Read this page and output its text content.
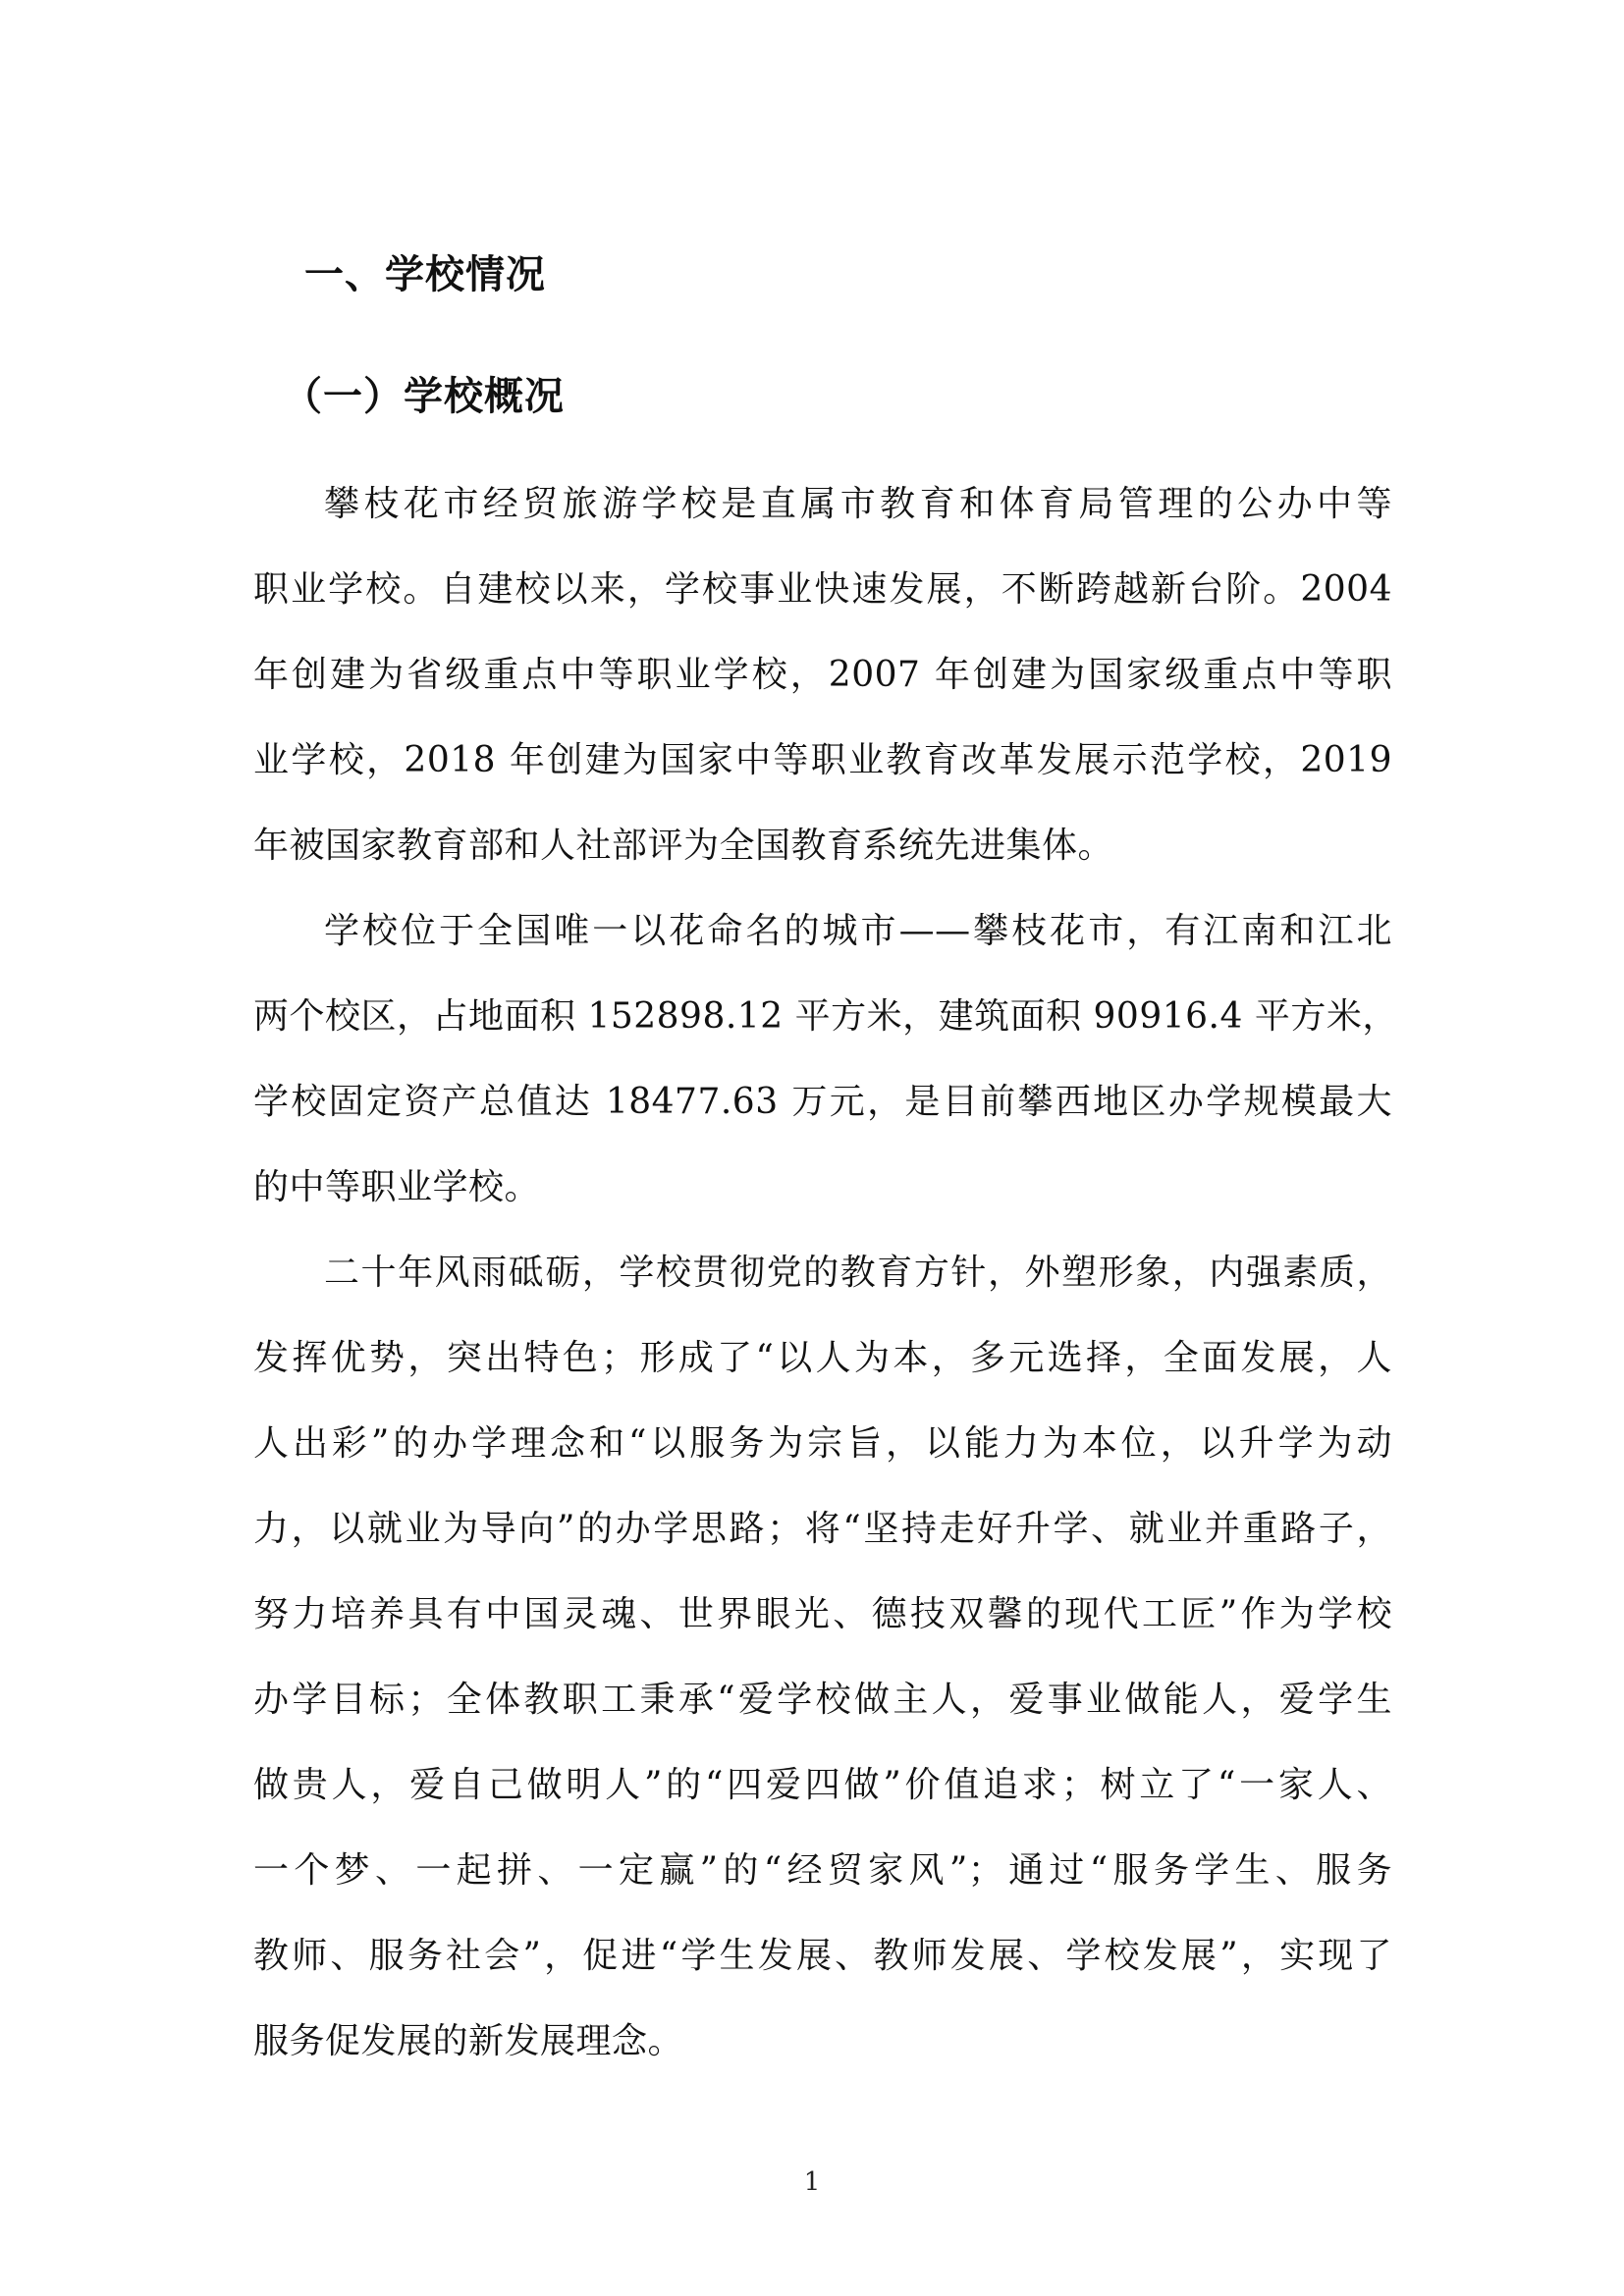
一、学校情况
（一）学校概况
攀枝花市经贸旅游学校是直属市教育和体育局管理的公办中等
职业学校。自建校以来，学校事业快速发展，不断跨越新台阶。2004
年创建为省级重点中等职业学校，2007 年创建为国家级重点中等职
业学校，2018 年创建为国家中等职业教育改革发展示范学校，2019
年被国家教育部和人社部评为全国教育系统先进集体。
学校位于全国唯一以花命名的城市——攀枝花市，有江南和江北
两个校区，占地面积 152898.12 平方米，建筑面积 90916.4 平方米，
学校固定资产总值达 18477.63 万元，是目前攀西地区办学规模最大
的中等职业学校。
二十年风雨砥砺，学校贯彻党的教育方针，外塑形象，内强素质，
发挥优势，突出特色；形成了“以人为本，多元选择，全面发展，人
人出彩”的办学理念和“以服务为宗旨，以能力为本位，以升学为动
力，以就业为导向”的办学思路；将“坚持走好升学、就业并重路子，
努力培养具有中国灵魂、世界眼光、德技双馨的现代工匠”作为学校
办学目标；全体教职工秉承“爱学校做主人，爱事业做能人，爱学生
做贵人，爱自己做明人”的“四爱四做”价值追求；树立了“一家人、
一个梦、一起拼、一定赢”的“经贸家风”；通过“服务学生、服务
教师、服务社会”，促进“学生发展、教师发展、学校发展”，实现了
服务促发展的新发展理念。
1
